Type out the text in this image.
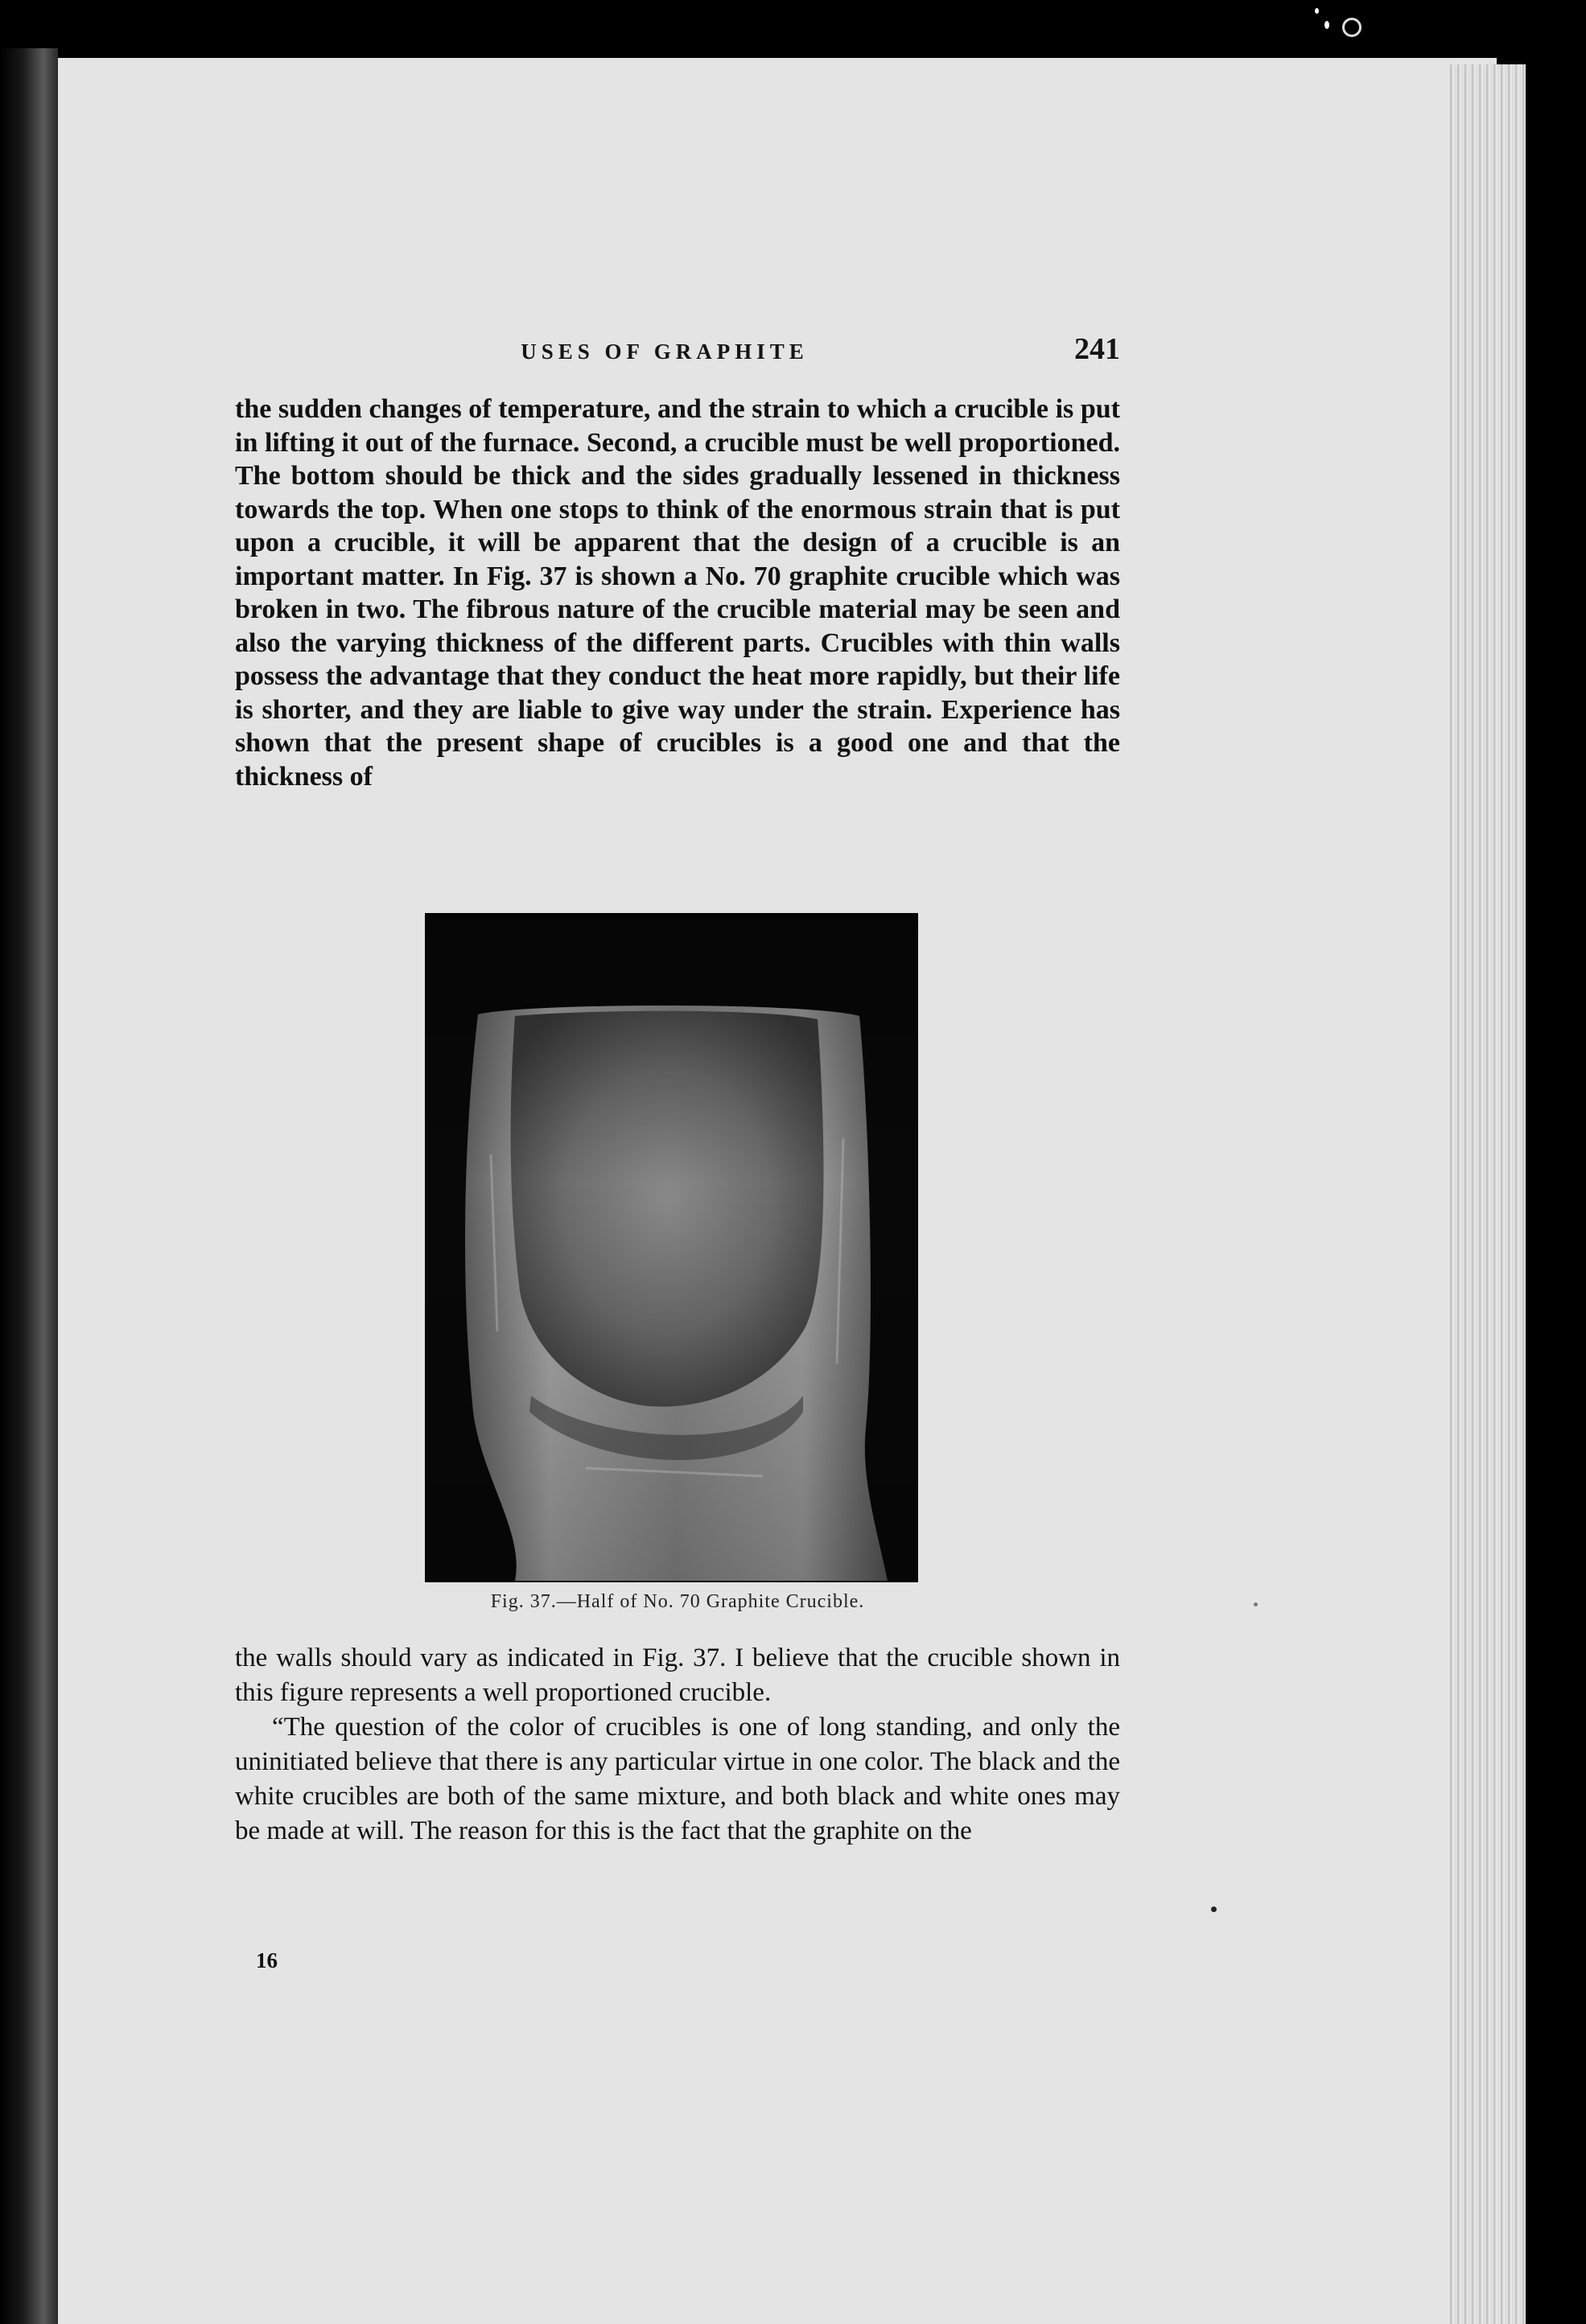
USES OF GRAPHITE	241

the sudden changes of temperature, and the strain to which a crucible is put in lifting it out of the furnace. Second, a crucible must be well proportioned. The bottom should be thick and the sides gradually lessened in thickness towards the top. When one stops to think of the enormous strain that is put upon a crucible, it will be apparent that the design of a crucible is an important matter. In Fig. 37 is shown a No. 70 graphite crucible which was broken in two. The fibrous nature of the crucible material may be seen and also the varying thickness of the different parts. Crucibles with thin walls possess the advantage that they conduct the heat more rapidly, but their life is shorter, and they are liable to give way under the strain. Experience has shown that the present shape of crucibles is a good one and that the thickness of

Fig. 37.—Half of No. 70 Graphite Crucible.
the walls should vary as indicated in Fig. 37. I believe that the crucible shown in this figure represents a well proportioned crucible.
“The question of the color of crucibles is one of long standing, and only the uninitiated believe that there is any particular virtue in one color. The black and the white crucibles are both of the same mixture, and both black and white ones may be made at will. The reason for this is the fact that the graphite on the
16
